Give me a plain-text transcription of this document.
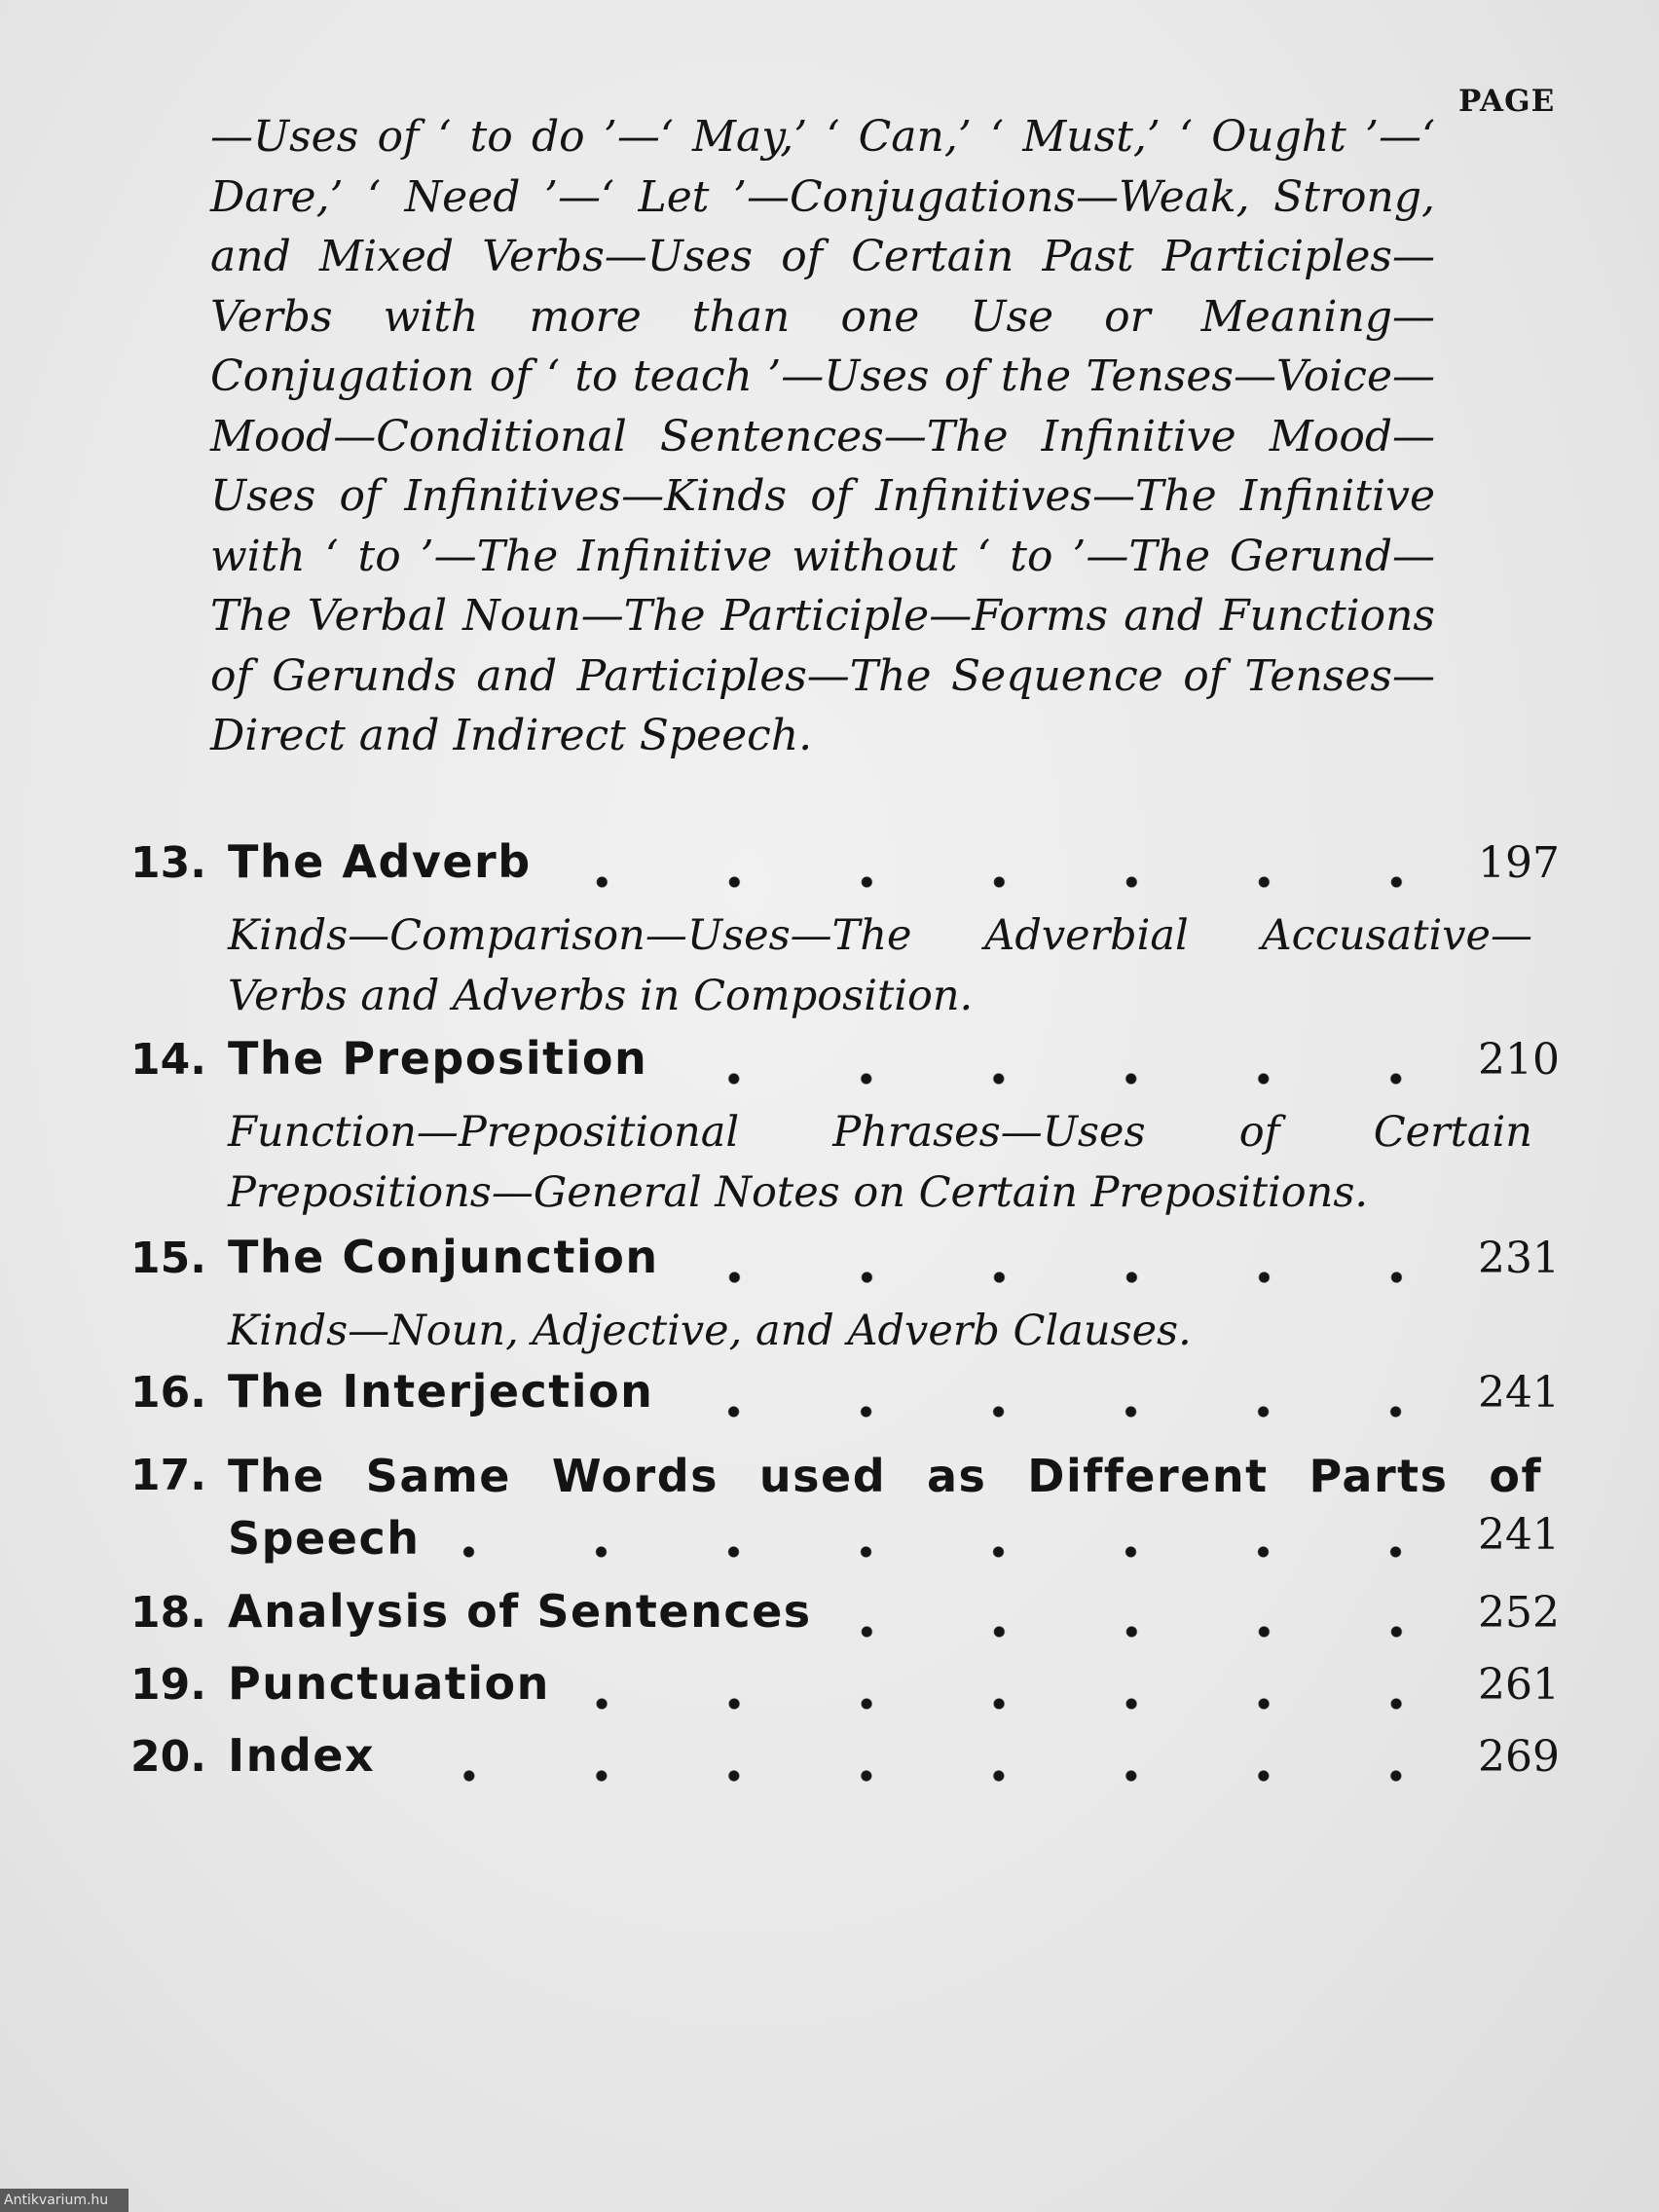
PAGE

—Uses of ‘ to do ’—‘ May,’ ‘ Can,’ ‘ Must,’ ‘ Ought ’—‘ Dare,’ ‘ Need ’—‘ Let ’—Conjugations—Weak, Strong, and Mixed Verbs—Uses of Certain Past Participles—Verbs with more than one Use or Meaning—Conjugation of ‘ to teach ’—Uses of the Tenses—Voice—Mood—Conditional Sentences—The Infinitive Mood—Uses of Infinitives—Kinds of Infinitives—The Infinitive with ‘ to ’—The Infinitive without ‘ to ’—The Gerund—The Verbal Noun—The Participle—Forms and Functions of Gerunds and Participles—The Sequence of Tenses—Direct and Indirect Speech.

13. The Adverb	197
Kinds—Comparison—Uses—The Adverbial Accusative—Verbs and Adverbs in Composition.
14. The Preposition	210
Function—Prepositional Phrases—Uses of Certain Prepositions—General Notes on Certain Prepositions.
15. The Conjunction	231
Kinds—Noun, Adjective, and Adverb Clauses.
16. The Interjection	241
17. The Same Words used as Different Parts of Speech	241
18. Analysis of Sentences	252
19. Punctuation	261
20. Index	269
Antikvarium.hu
